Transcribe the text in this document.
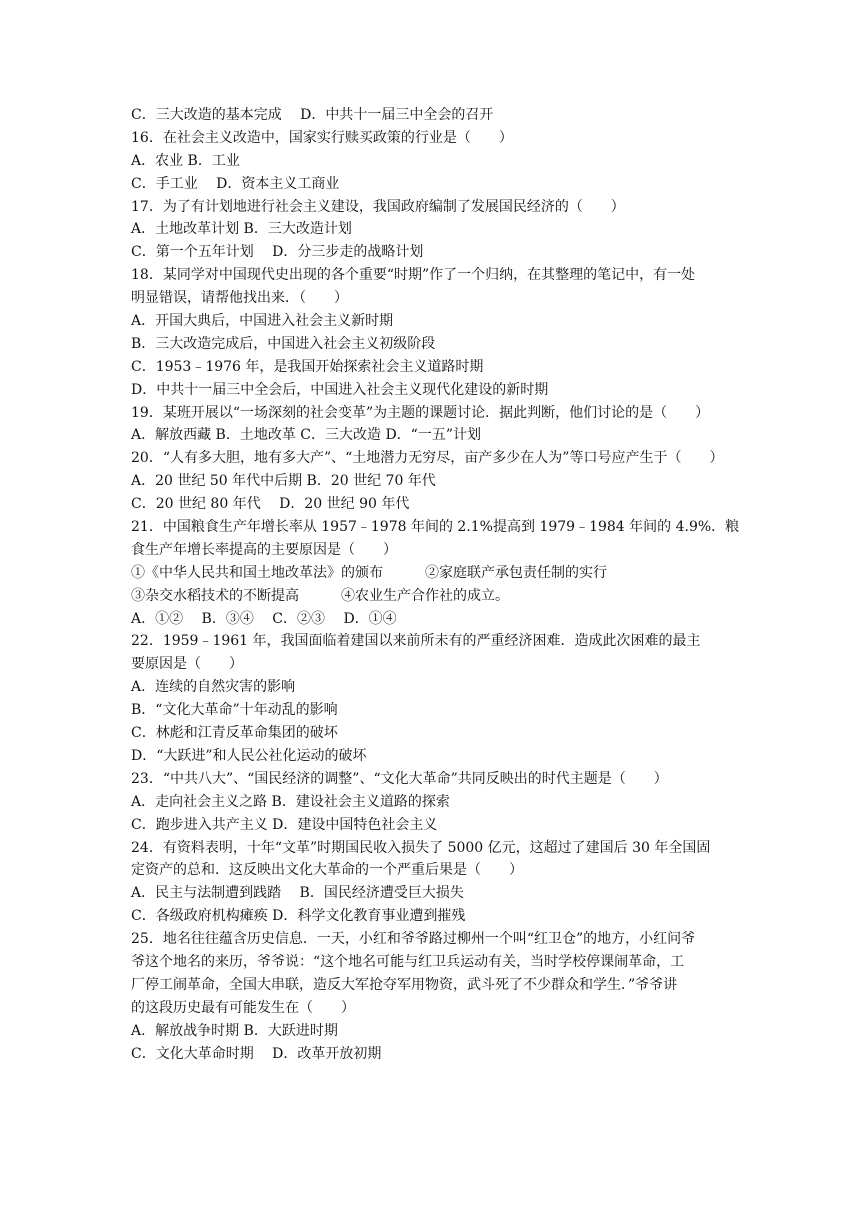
C．三大改造的基本完成　 D．中共十一届三中全会的召开
16．在社会主义改造中，国家实行赎买政策的行业是（　　）
A．农业 B．工业
C．手工业　 D．资本主义工商业
17．为了有计划地进行社会主义建设，我国政府编制了发展国民经济的（　　）
A．土地改革计划 B．三大改造计划
C．第一个五年计划　 D．分三步走的战略计划
18．某同学对中国现代史出现的各个重要“时期”作了一个归纳，在其整理的笔记中，有一处
明显错误，请帮他找出来．（　　）
A．开国大典后，中国进入社会主义新时期
B．三大改造完成后，中国进入社会主义初级阶段
C．1953﹣1976 年，是我国开始探索社会主义道路时期
D．中共十一届三中全会后，中国进入社会主义现代化建设的新时期
19．某班开展以“一场深刻的社会变革”为主题的课题讨论．据此判断，他们讨论的是（　　）
A．解放西藏 B．土地改革 C．三大改造 D．“一五”计划
20．“人有多大胆，地有多大产”、“土地潜力无穷尽，亩产多少在人为”等口号应产生于（　　）
A．20 世纪 50 年代中后期 B．20 世纪 70 年代
C．20 世纪 80 年代　 D．20 世纪 90 年代
21．中国粮食生产年增长率从 1957﹣1978 年间的 2.1%提高到 1979﹣1984 年间的 4.9%．粮
食生产年增长率提高的主要原因是（　　）
①《中华人民共和国土地改革法》的颁布　　　②家庭联产承包责任制的实行
③杂交水稻技术的不断提高　　　④农业生产合作社的成立。
A．①②　 B．③④　 C．②③　 D．①④
22．1959﹣1961 年，我国面临着建国以来前所未有的严重经济困难．造成此次困难的最主
要原因是（　　）
A．连续的自然灾害的影响
B．“文化大革命”十年动乱的影响
C．林彪和江青反革命集团的破坏
D．“大跃进”和人民公社化运动的破坏
23．“中共八大”、“国民经济的调整”、“文化大革命”共同反映出的时代主题是（　　）
A．走向社会主义之路 B．建设社会主义道路的探索
C．跑步进入共产主义 D．建设中国特色社会主义
24．有资料表明，十年“文革”时期国民收入损失了 5000 亿元，这超过了建国后 30 年全国固
定资产的总和．这反映出文化大革命的一个严重后果是（　　）
A．民主与法制遭到践踏　 B．国民经济遭受巨大损失
C．各级政府机构瘫痪 D．科学文化教育事业遭到摧残
25．地名往往蕴含历史信息．一天，小红和爷爷路过柳州一个叫“红卫仓”的地方，小红问爷
爷这个地名的来历，爷爷说：“这个地名可能与红卫兵运动有关，当时学校停课闹革命，工
厂停工闹革命，全国大串联，造反大军抢夺军用物资，武斗死了不少群众和学生．”爷爷讲
的这段历史最有可能发生在（　　）
A．解放战争时期 B．大跃进时期
C．文化大革命时期　 D．改革开放初期
